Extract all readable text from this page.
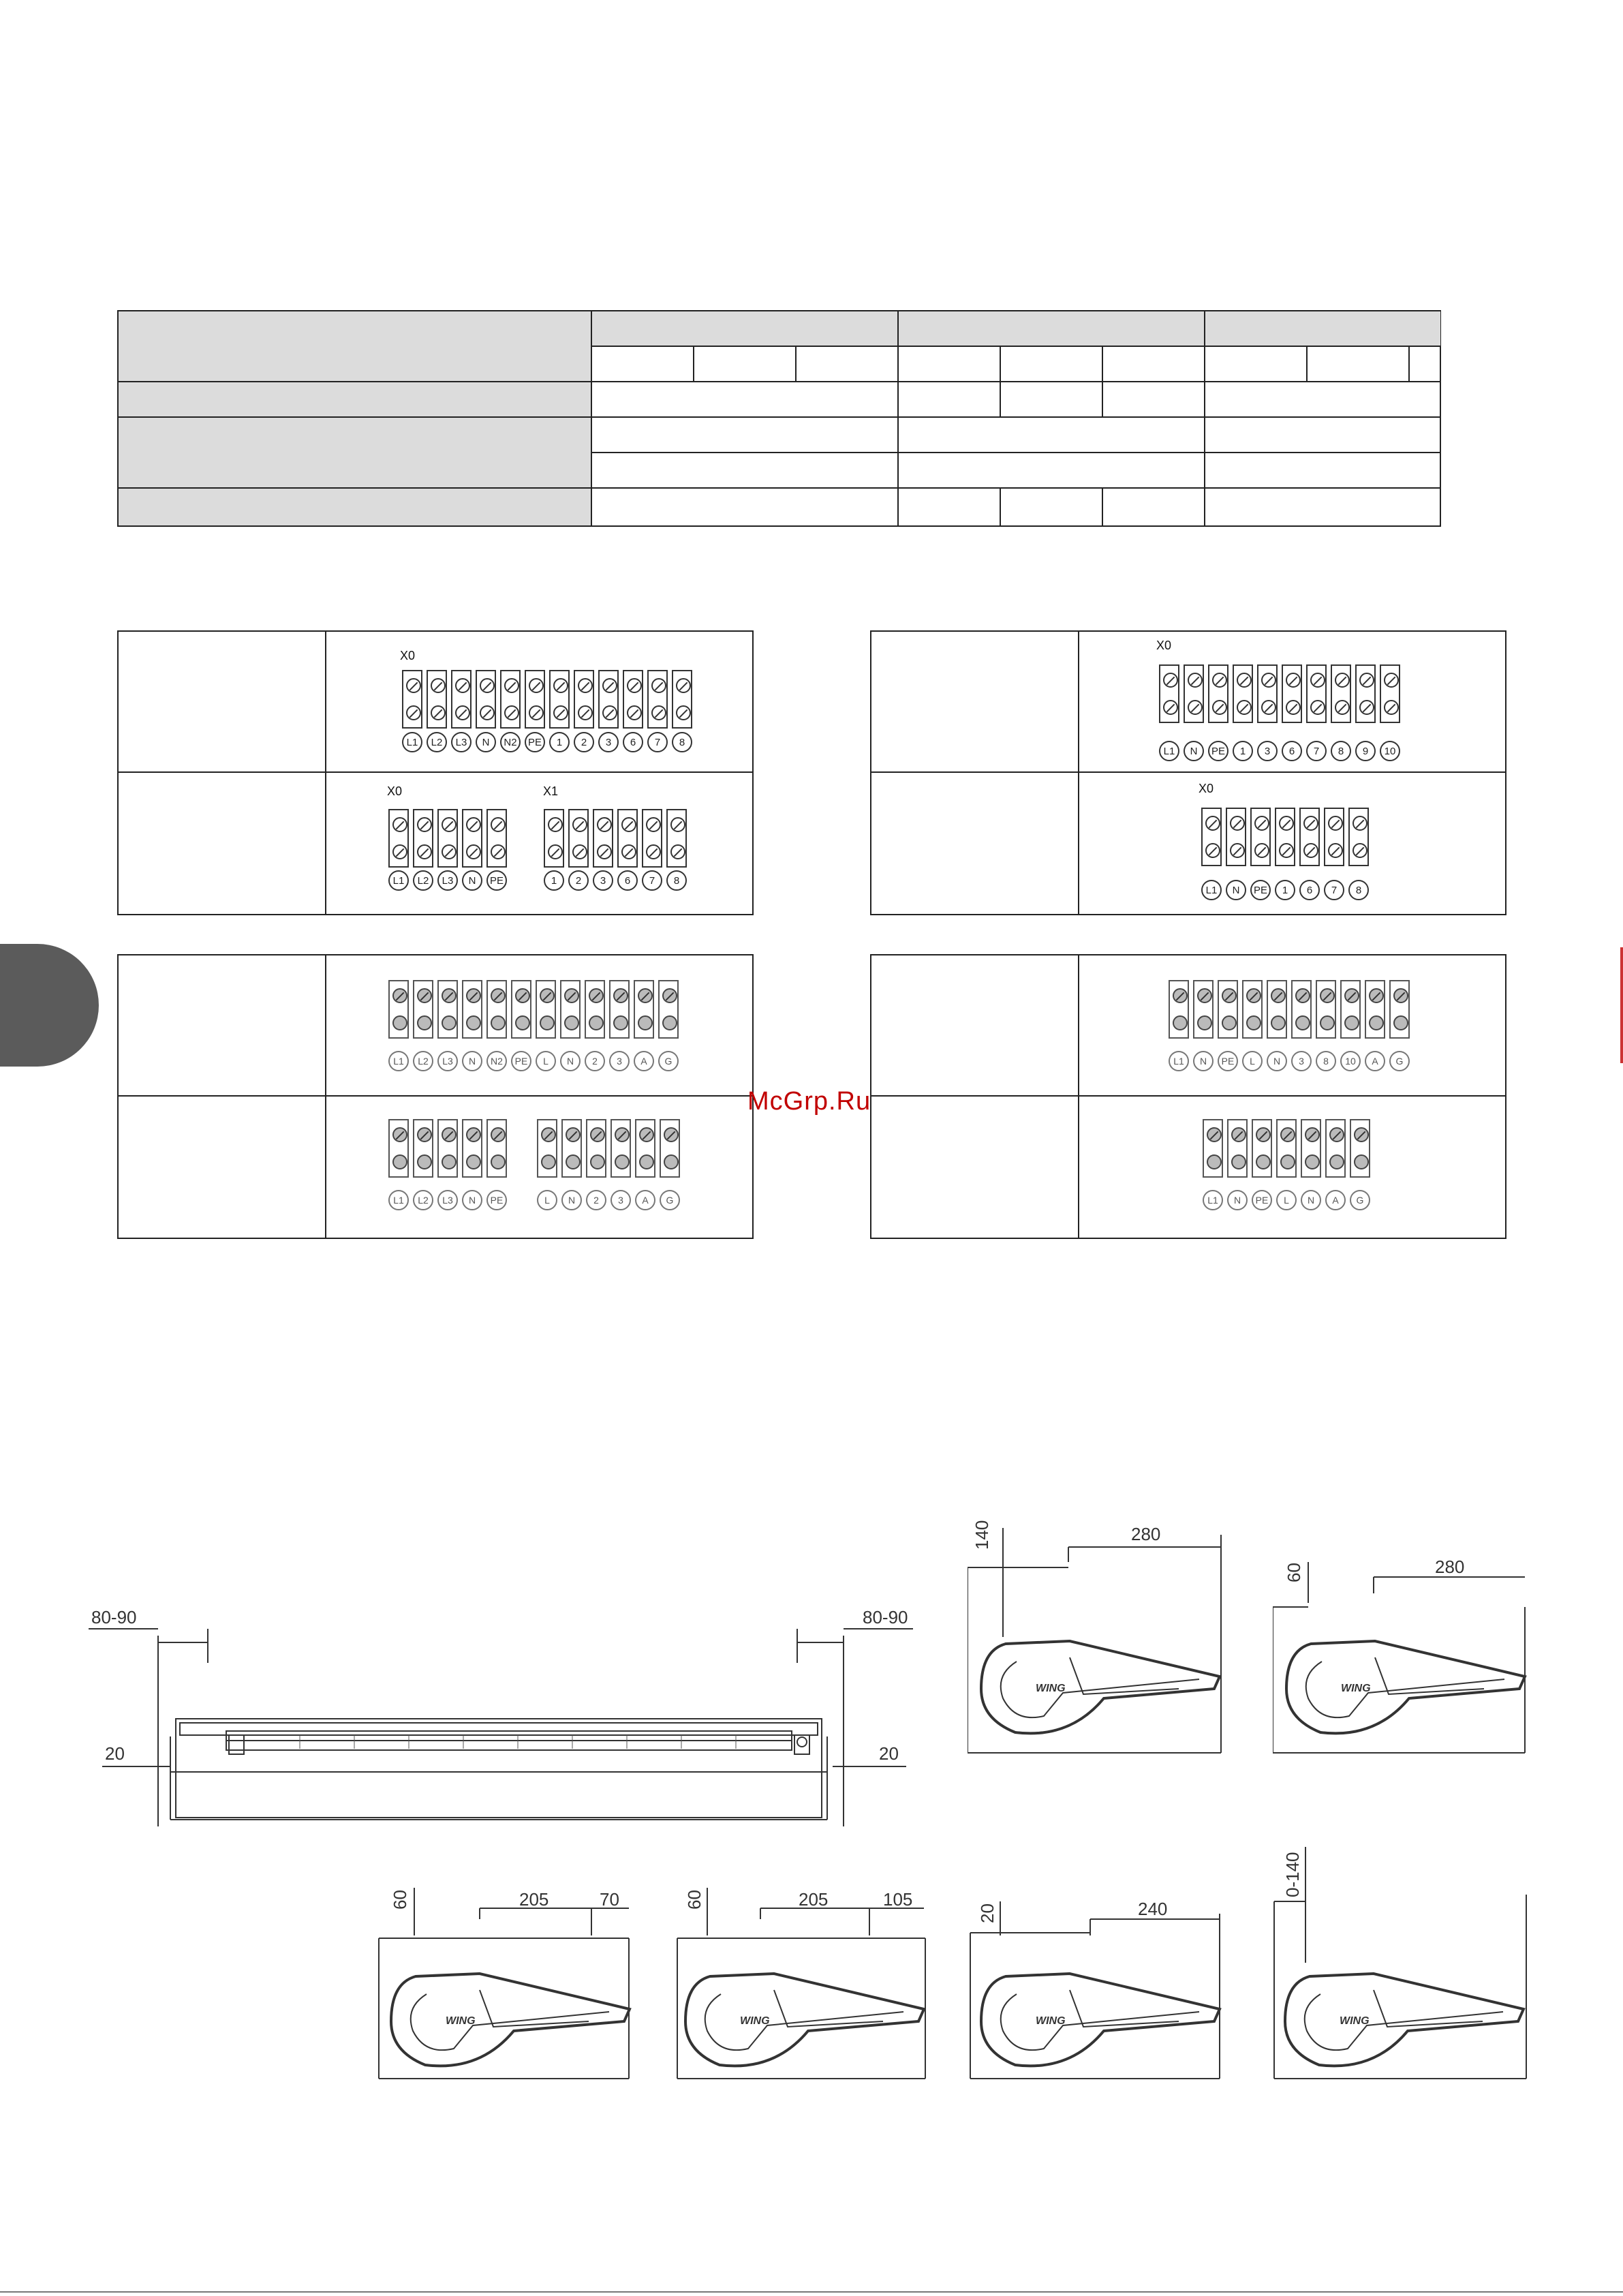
X0
L1	L2	L3	N	N2	PE	1	2	3	6	7	8
X0
L1	L2	L3	N	PE
X1
1	2	3	6	7	8
X0
L1	N	PE	1	3	6	7	8	9	10
X0
L1	N	PE	1	6	7	8
L1	L2	L3	N	N2	PE	L	N	2	3	A	G
L1	L2	L3	N	PE	L	N	2	3	A	G
L1	N	PE	L	N	3	8	10	A	G
L1	N	PE	L	N	A	G
McGrp.Ru
80-90	80-90
20	20
140	280
WING
60	280
WING
60	205	70
WING
60	205	105
WING
20	240
WING
0-140
WING
